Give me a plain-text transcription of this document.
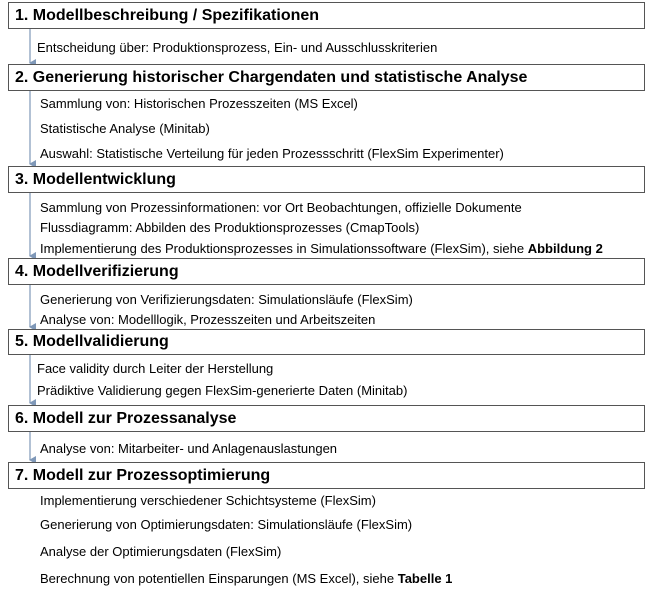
1. Modellbeschreibung / Spezifikationen
Entscheidung über: Produktionsprozess, Ein- und Ausschlusskriterien
2. Generierung historischer Chargendaten und statistische Analyse
Sammlung von: Historischen Prozesszeiten (MS Excel)
Statistische Analyse (Minitab)
Auswahl: Statistische Verteilung für jeden Prozessschritt (FlexSim Experimenter)
3. Modellentwicklung
Sammlung von Prozessinformationen: vor Ort Beobachtungen, offizielle Dokumente
Flussdiagramm: Abbilden des Produktionsprozesses (CmapTools)
Implementierung des Produktionsprozesses in Simulationssoftware (FlexSim), siehe Abbildung 2
4. Modellverifizierung
Generierung von Verifizierungsdaten: Simulationsläufe (FlexSim)
Analyse von: Modelllogik, Prozesszeiten und Arbeitszeiten
5. Modellvalidierung
Face validity durch Leiter der Herstellung
Prädiktive Validierung gegen FlexSim-generierte Daten (Minitab)
6. Modell zur Prozessanalyse
Analyse von: Mitarbeiter- und Anlagenauslastungen
7. Modell zur Prozessoptimierung
Implementierung verschiedener Schichtsysteme (FlexSim)
Generierung von Optimierungsdaten: Simulationsläufe (FlexSim)
Analyse der Optimierungsdaten (FlexSim)
Berechnung von potentiellen Einsparungen (MS Excel), siehe Tabelle 1
